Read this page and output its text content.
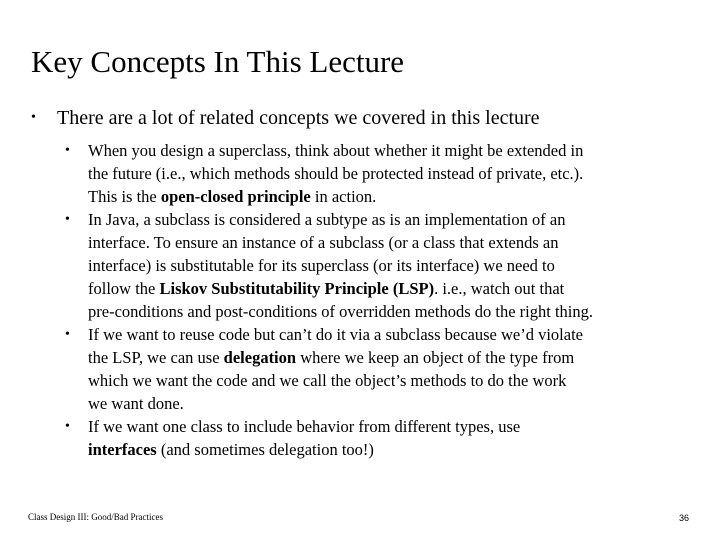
Key Concepts In This Lecture
• There are a lot of related concepts we covered in this lecture
• When you design a superclass, think about whether it might be extended in
the future (i.e., which methods should be protected instead of private, etc.).
This is the open-closed principle in action.
• In Java, a subclass is considered a subtype as is an implementation of an
interface. To ensure an instance of a subclass (or a class that extends an
interface) is substitutable for its superclass (or its interface) we need to
follow the Liskov Substitutability Principle (LSP). i.e., watch out that
pre-conditions and post-conditions of overridden methods do the right thing.
• If we want to reuse code but can’t do it via a subclass because we’d violate
the LSP, we can use delegation where we keep an object of the type from
which we want the code and we call the object’s methods to do the work
we want done.
• If we want one class to include behavior from different types, use
interfaces (and sometimes delegation too!)
Class Design III: Good/Bad Practices	36
